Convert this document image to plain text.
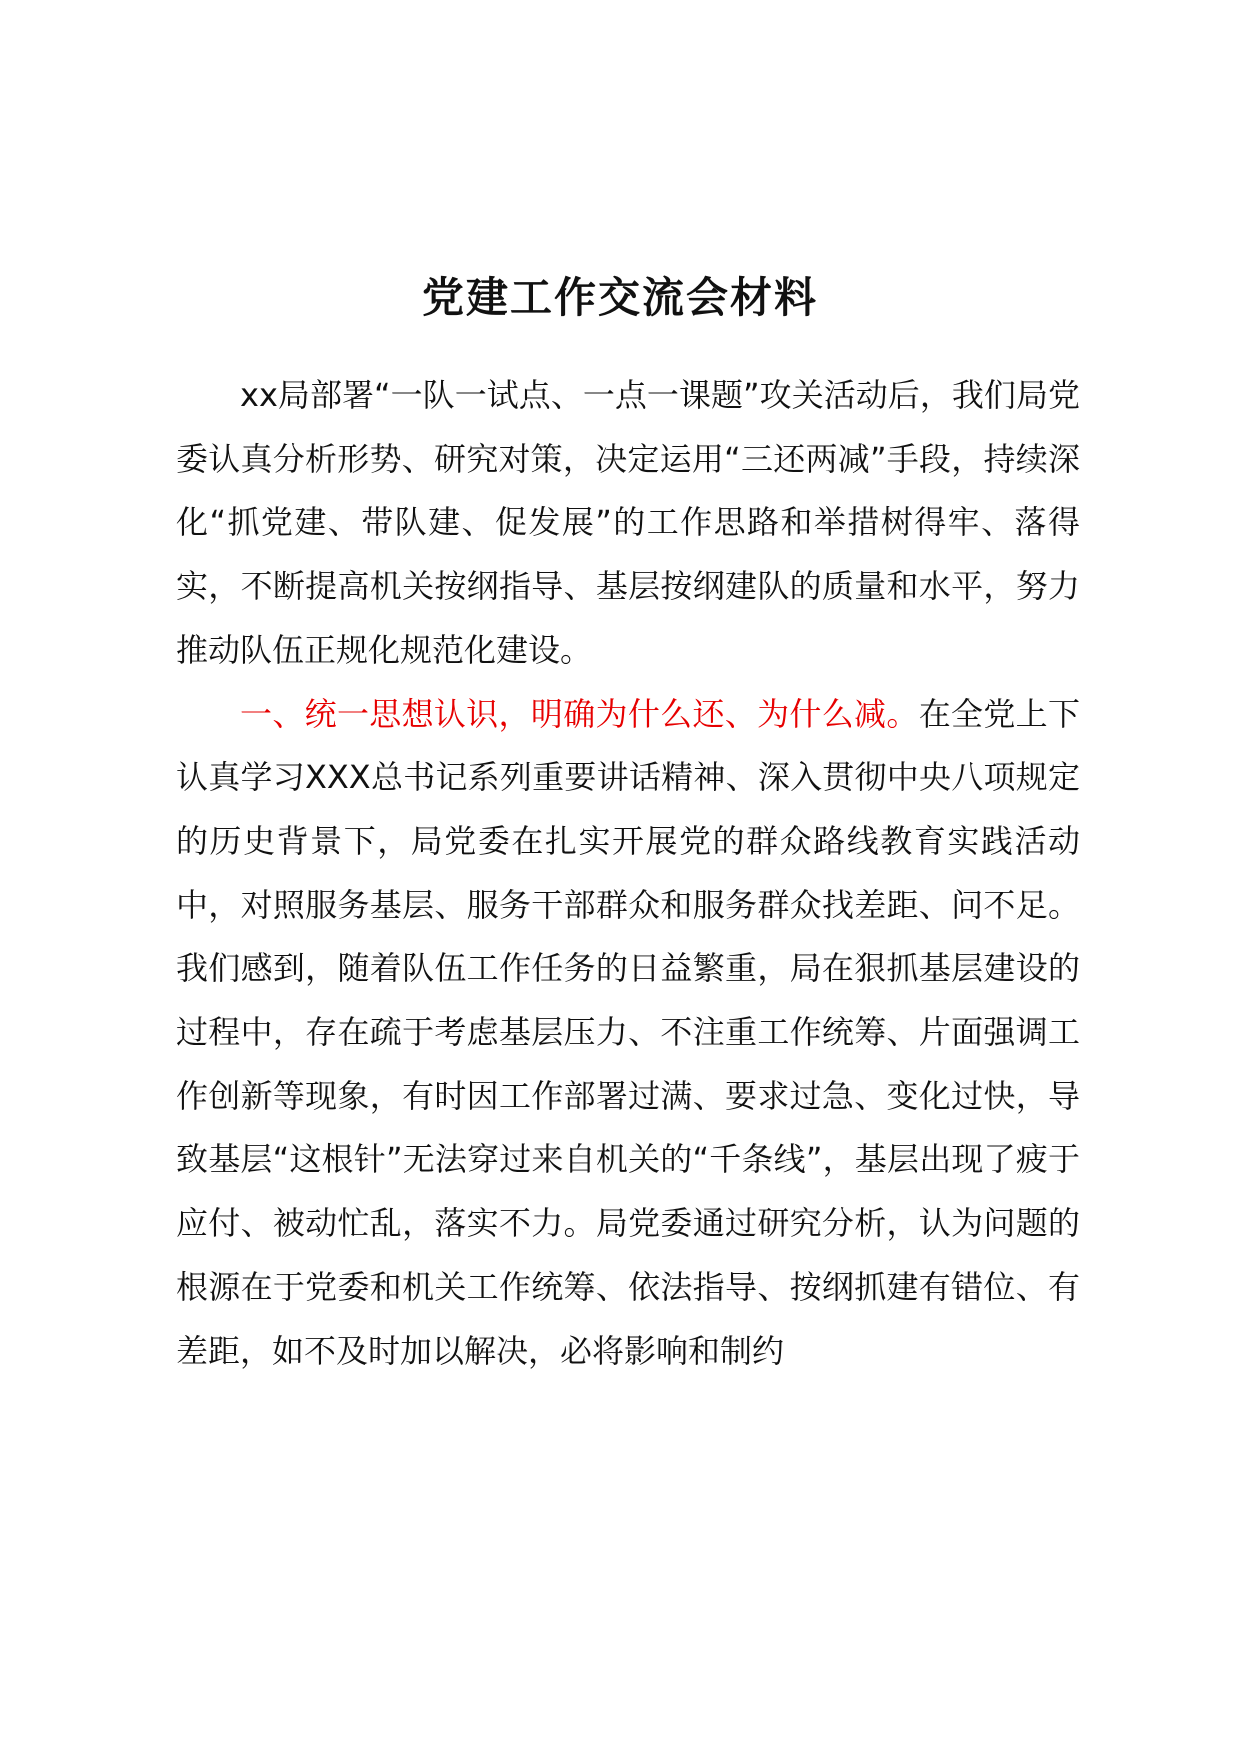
党建工作交流会材料

xx局部署“一队一试点、一点一课题”攻关活动后，我们局党委认真分析形势、研究对策，决定运用“三还两减”手段，持续深化“抓党建、带队建、促发展”的工作思路和举措树得牢、落得实，不断提高机关按纲指导、基层按纲建队的质量和水平，努力推动队伍正规化规范化建设。

一、统一思想认识，明确为什么还、为什么减。在全党上下认真学习XXX总书记系列重要讲话精神、深入贯彻中央八项规定的历史背景下，局党委在扎实开展党的群众路线教育实践活动中，对照服务基层、服务干部群众和服务群众找差距、问不足。我们感到，随着队伍工作任务的日益繁重，局在狠抓基层建设的过程中，存在疏于考虑基层压力、不注重工作统筹、片面强调工作创新等现象，有时因工作部署过满、要求过急、变化过快，导致基层“这根针”无法穿过来自机关的“千条线”，基层出现了疲于应付、被动忙乱，落实不力。局党委通过研究分析，认为问题的根源在于党委和机关工作统筹、依法指导、按纲抓建有错位、有差距，如不及时加以解决，必将影响和制约
